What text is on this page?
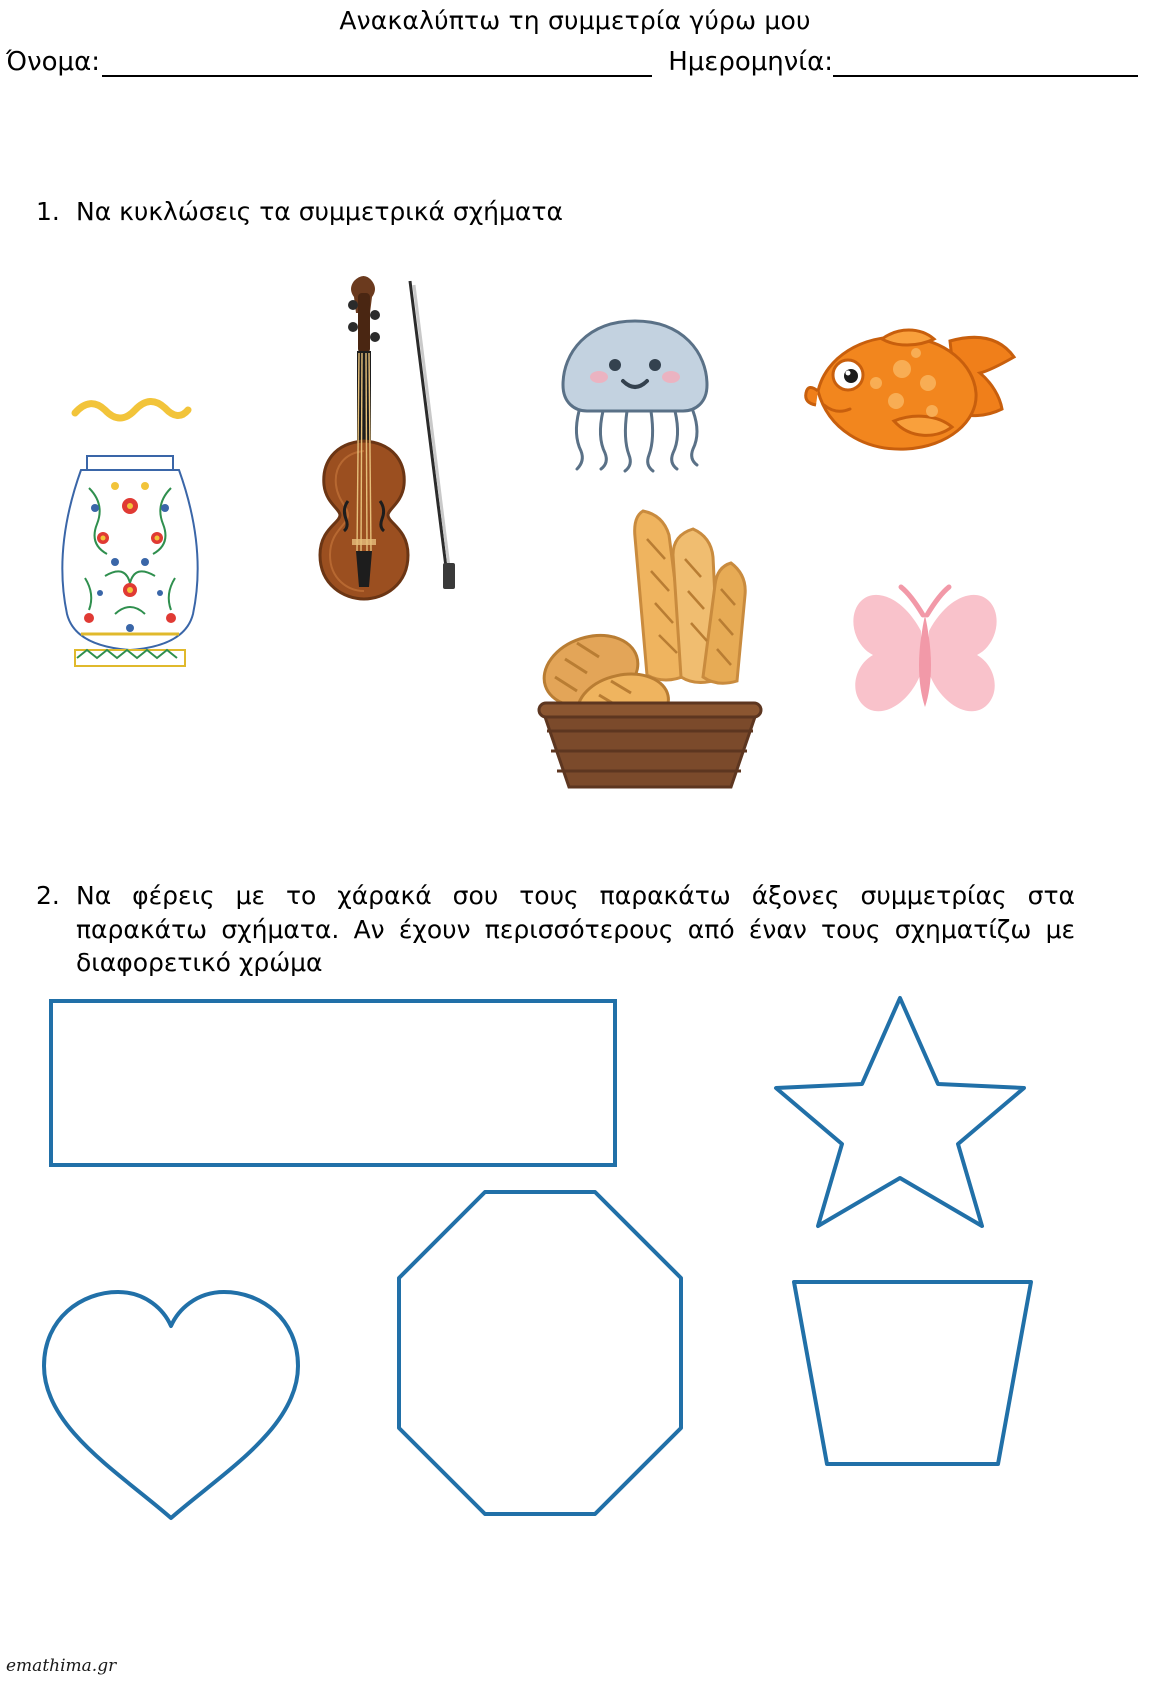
Ανακαλύπτω τη συμμετρία γύρω μου
Όνομα:	Ημερομηνία:
1. Να κυκλώσεις τα συμμετρικά σχήματα
2. Να φέρεις με το χάρακά σου τους παρακάτω άξονες συμμετρίας στα παρακάτω σχήματα. Αν έχουν περισσότερους από έναν τους σχηματίζω με διαφορετικό χρώμα
emathima.gr
